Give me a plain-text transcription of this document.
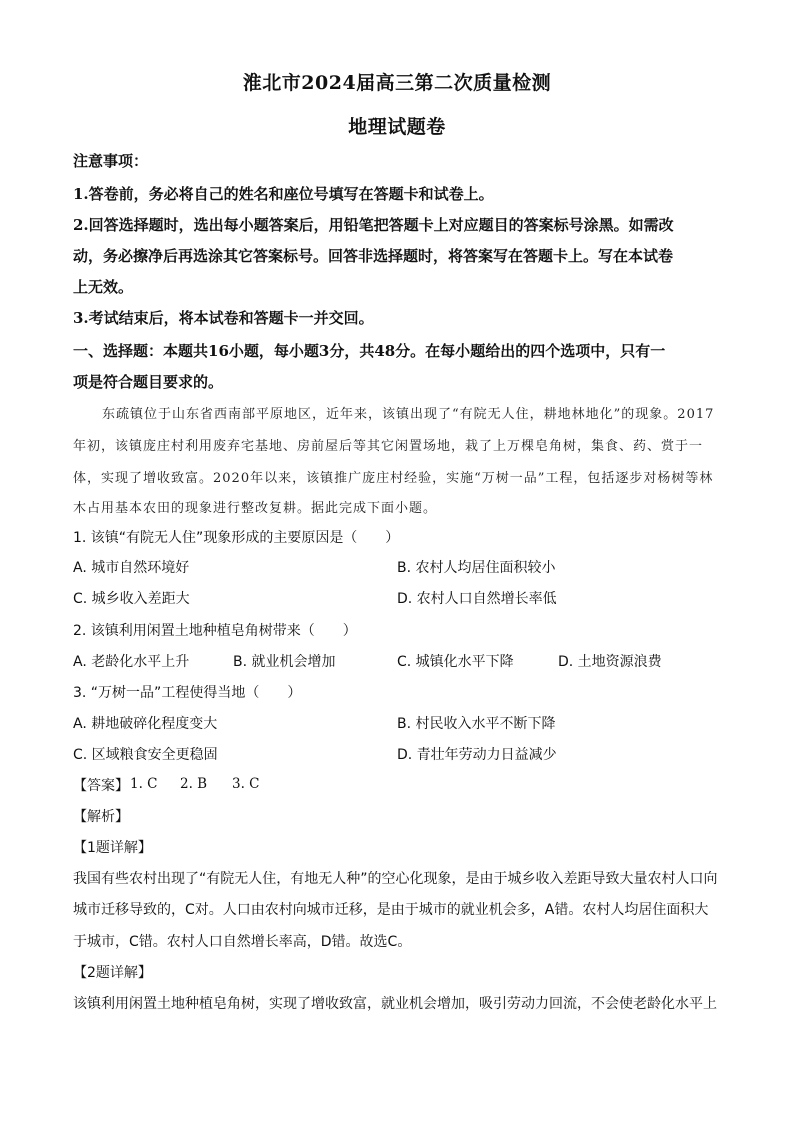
淮北市2024届高三第二次质量检测
地理试题卷
注意事项：
1.答卷前，务必将自己的姓名和座位号填写在答题卡和试卷上。
2.回答选择题时，选出每小题答案后，用铅笔把答题卡上对应题目的答案标号涂黑。如需改
动，务必擦净后再选涂其它答案标号。回答非选择题时，将答案写在答题卡上。写在本试卷
上无效。
3.考试结束后，将本试卷和答题卡一并交回。
一、选择题：本题共16小题，每小题3分，共48分。在每小题给出的四个选项中，只有一
项是符合题目要求的。
东疏镇位于山东省西南部平原地区，近年来，该镇出现了“有院无人住，耕地林地化”的现象。2017
年初，该镇庞庄村利用废弃宅基地、房前屋后等其它闲置场地，栽了上万棵皂角树，集食、药、赏于一
体，实现了增收致富。2020年以来，该镇推广庞庄村经验，实施“万树一品”工程，包括逐步对杨树等林
木占用基本农田的现象进行整改复耕。据此完成下面小题。
1. 该镇“有院无人住”现象形成的主要原因是（　　）
A. 城市自然环境好	B. 农村人均居住面积较小
C. 城乡收入差距大	D. 农村人口自然增长率低
2. 该镇利用闲置土地种植皂角树带来（　　）
A. 老龄化水平上升	B. 就业机会增加	C. 城镇化水平下降	D. 土地资源浪费
3. “万树一品”工程使得当地（　　）
A. 耕地破碎化程度变大	B. 村民收入水平不断下降
C. 区域粮食安全更稳固	D. 青壮年劳动力日益减少
【答案】 1. C 2. B 3. C
【解析】
【1题详解】
我国有些农村出现了“有院无人住，有地无人种”的空心化现象，是由于城乡收入差距导致大量农村人口向
城市迁移导致的，C对。人口由农村向城市迁移，是由于城市的就业机会多，A错。农村人均居住面积大
于城市，C错。农村人口自然增长率高，D错。故选C。
【2题详解】
该镇利用闲置土地种植皂角树，实现了增收致富，就业机会增加，吸引劳动力回流，不会使老龄化水平上
